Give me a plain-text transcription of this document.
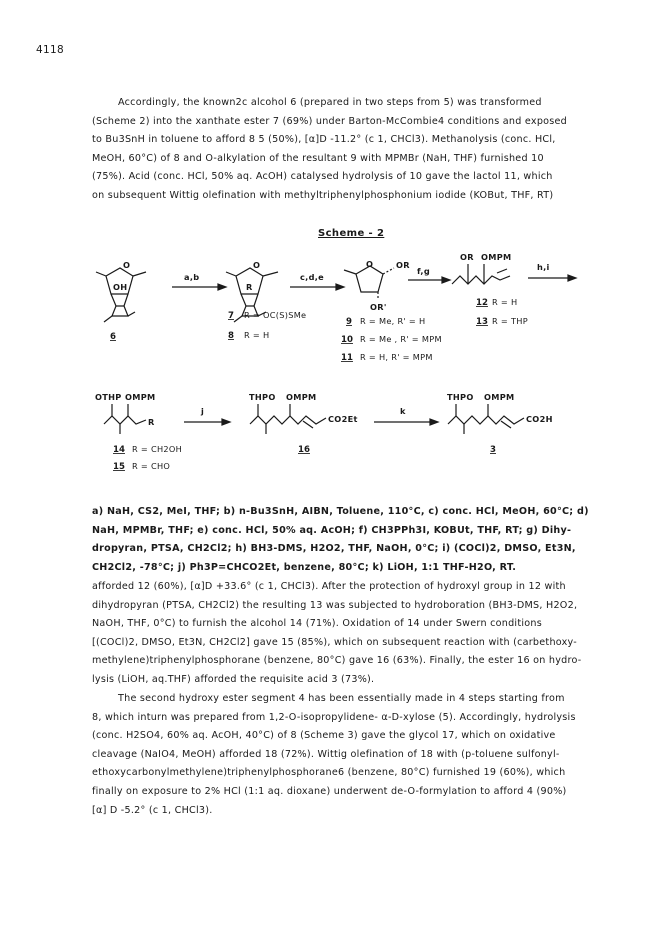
4118

Accordingly, the known2c alcohol 6 (prepared in two steps from 5) was transformed

(Scheme 2) into the xanthate ester 7 (69%) under Barton-McCombie4 conditions and exposed

to Bu3SnH in toluene to afford 8 5 (50%), [α]D -11.2° (c 1, CHCl3). Methanolysis (conc. HCl,

MeOH, 60°C) of 8 and O-alkylation of the resultant 9 with MPMBr (NaH, THF) furnished 10

(75%). Acid (conc. HCl, 50% aq. AcOH) catalysed hydrolysis of 10 gave the lactol 11, which

on subsequent Wittig olefination with methyltriphenylphosphonium iodide (KOBut, THF, RT)

Scheme - 2
O
OH
6
a,b
O
R
7 R = OC(S)SMe
8 R = H
c,d,e
O	OR
OR'
9 R = Me, R' = H
10 R = Me , R' = MPM
11 R = H, R' = MPM
f,g
OR OMPM
12 R = H
13 R = THP
h,i
OTHP OMPM
R
14 R = CH2OH
15 R = CHO
j
THPO OMPM
CO2Et
16
k
THPO OMPM
CO2H
3

a) NaH, CS2, MeI, THF; b) n-Bu3SnH, AIBN, Toluene, 110°C, c) conc. HCl, MeOH, 60°C; d)

NaH, MPMBr, THF; e) conc. HCl, 50% aq. AcOH; f) CH3PPh3I, KOBUt, THF, RT; g) Dihy-

dropyran, PTSA, CH2Cl2; h) BH3-DMS, H2O2, THF, NaOH, 0°C; i) (COCl)2, DMSO, Et3N,

CH2Cl2, -78°C; j) Ph3P=CHCO2Et, benzene, 80°C; k) LiOH, 1:1 THF-H2O, RT.

afforded 12 (60%), [α]D +33.6° (c 1, CHCl3). After the protection of hydroxyl group in 12 with

dihydropyran (PTSA, CH2Cl2) the resulting 13 was subjected to hydroboration (BH3-DMS, H2O2,

NaOH, THF, 0°C) to furnish the alcohol 14 (71%). Oxidation of 14 under Swern conditions

[(COCl)2, DMSO, Et3N, CH2Cl2] gave 15 (85%), which on subsequent reaction with (carbethoxy-

methylene)triphenylphosphorane (benzene, 80°C) gave 16 (63%). Finally, the ester 16 on hydro-

lysis (LiOH, aq.THF) afforded the requisite acid 3 (73%).

The second hydroxy ester segment 4 has been essentially made in 4 steps starting from

8, which inturn was prepared from 1,2-O-isopropylidene- α-D-xylose (5). Accordingly, hydrolysis

(conc. H2SO4, 60% aq. AcOH, 40°C) of 8 (Scheme 3) gave the glycol 17, which on oxidative

cleavage (NaIO4, MeOH) afforded 18 (72%). Wittig olefination of 18 with (p-toluene sulfonyl-

ethoxycarbonylmethylene)triphenylphosphorane6 (benzene, 80°C) furnished 19 (60%), which

finally on exposure to 2% HCl (1:1 aq. dioxane) underwent de-O-formylation to afford 4 (90%)

[α] D -5.2° (c 1, CHCl3).
